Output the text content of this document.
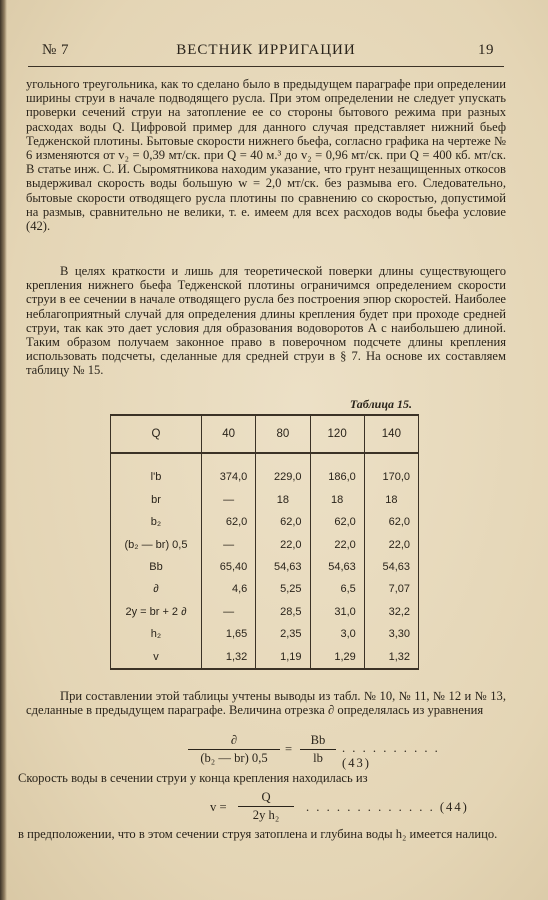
№ 7	ВЕСТНИК ИРРИГАЦИИ	19

угольного треугольника, как то сделано было в предыдущем параграфе при определении ширины струи в начале подводящего русла. При этом определении не следует упускать проверки сечений струи на затопление ее со стороны бытового режима при разных расходах воды Q. Цифровой пример для данного случая представляет нижний бьеф Теджeнской плотины. Бытовые скорости нижнего бьефа, согласно графика на чертеже № 6 изменяются от v₂ = 0,39 мт/ск. при Q = 40 м.³ до v₂ = 0,96 мт/ск. при Q = 400 кб. мт/ск. В статье инж. С. И. Сыромятникова находим указание, что грунт незащищенных откосов выдерживал скорость воды большую w = 2,0 мт/ск. без размыва его. Следовательно, бытовые скорости отводящего русла плотины по сравнению со скоростью, допустимой на размыв, сравнительно не велики, т. е. имеем для всех расходов воды бьефа условие (42).

В целях краткости и лишь для теоретической поверки длины существующего крепления нижнего бьефа Теджeнской плотины ограничимся определением скорости струи в ее сечении в начале отводящего русла без построения эпюр скоростей. Наиболее неблагоприятный случай для определения длины крепления будет при проходе средней струи, так как это дает условия для образования водоворотов А с наибольшею длиной. Таким образом получаем законное право в поверочном подсчете длины крепления использовать подсчеты, сделанные для средней струи в § 7. На основе их составляем таблицу № 15.

Таблица 15.
Q	40	80	120	140
l'b	374,0	229,0	186,0	170,0
br	—	18	18	18
b₂	62,0	62,0	62,0	62,0
(b₂ — br) 0,5	—	22,0	22,0	22,0
Bb	65,40	54,63	54,63	54,63
∂	4,6	5,25	6,5	7,07
2y = br + 2 ∂	—	28,5	31,0	32,2
h₂	1,65	2,35	3,0	3,30
v	1,32	1,19	1,29	1,32

При составлении этой таблицы учтены выводы из табл. № 10, № 11, № 12 и № 13, сделанные в предыдущем параграфе. Величина отрезка ∂ определялась из уравнения

∂
(b₂ — br) 0,5
=
Bb
lb
. . . . . . . . . . (43)

Скорость воды в сечении струи у конца крепления находилась из

v =
Q
2y h₂
. . . . . . . . . . . . . (44)

в предположении, что в этом сечении струя затоплена и глубина воды h₂ имеется налицо.
